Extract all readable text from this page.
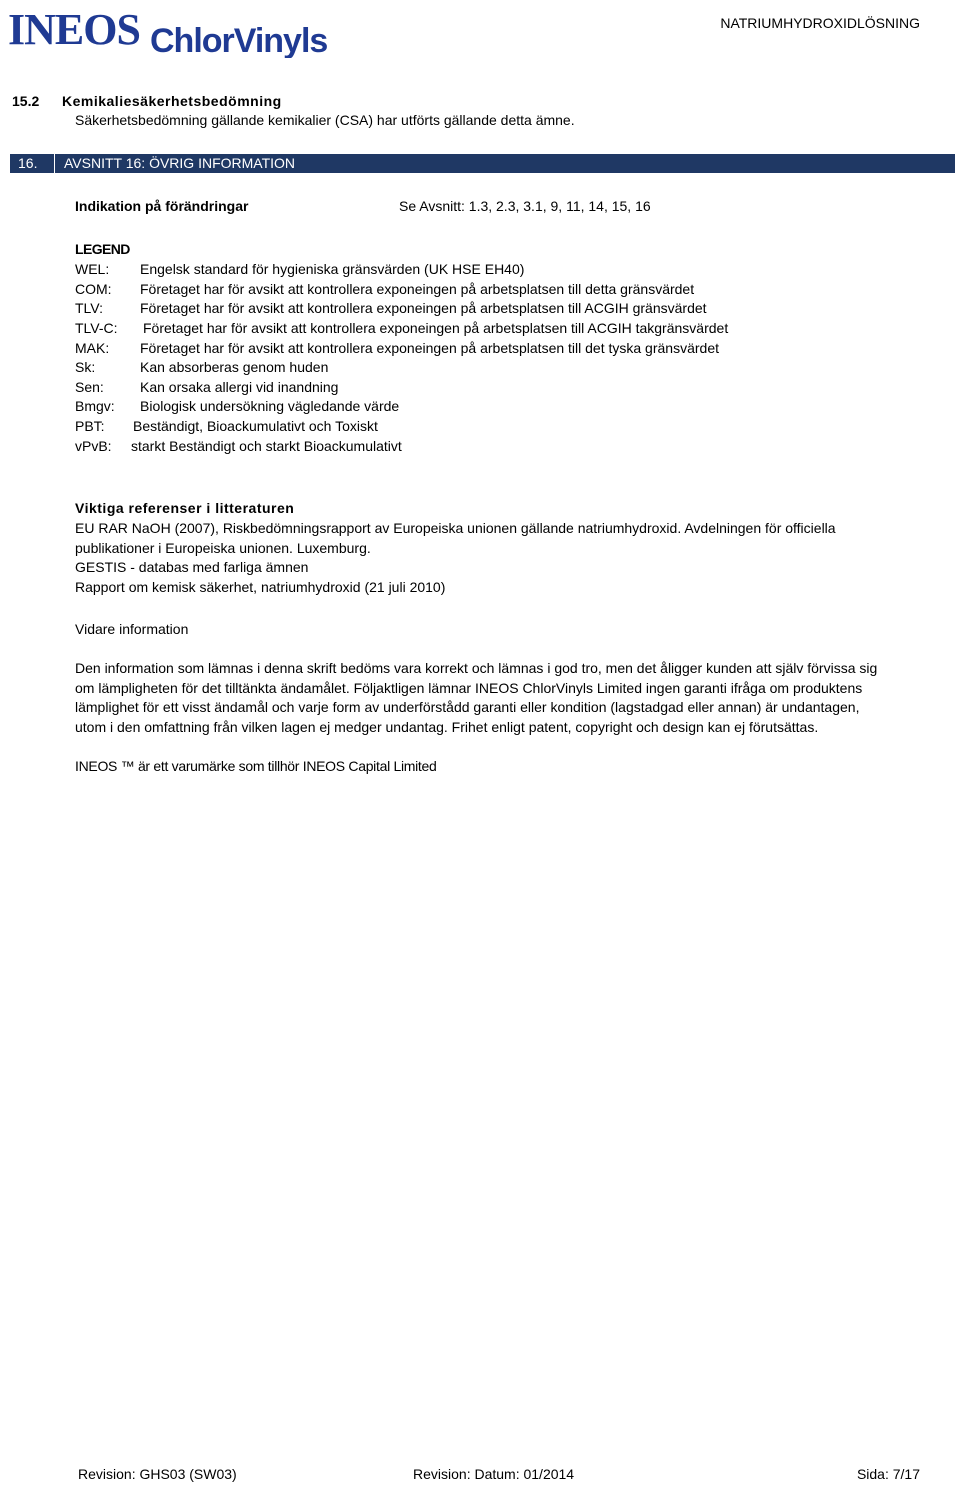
INEOS ChlorVinyls	NATRIUMHYDROXIDLÖSNING
15.2 Kemikaliesäkerhetsbedömning
Säkerhetsbedömning gällande kemikalier (CSA) har utförts gällande detta ämne.
16. AVSNITT 16: ÖVRIG INFORMATION
Indikation på förändringar	Se Avsnitt: 1.3, 2.3, 3.1, 9, 11, 14, 15, 16
LEGEND
WEL: Engelsk standard för hygieniska gränsvärden (UK HSE EH40)
COM: Företaget har för avsikt att kontrollera exponeingen på arbetsplatsen till detta gränsvärdet
TLV:	Företaget har för avsikt att kontrollera exponeingen på arbetsplatsen till ACGIH gränsvärdet
TLV-C: Företaget har för avsikt att kontrollera exponeingen på arbetsplatsen till ACGIH takgränsvärdet
MAK: Företaget har för avsikt att kontrollera exponeingen på arbetsplatsen till det tyska gränsvärdet
Sk:	Kan absorberas genom huden
Sen:	Kan orsaka allergi vid inandning
Bmgv: Biologisk undersökning vägledande värde
PBT: Beständigt, Bioackumulativt och Toxiskt
vPvB: starkt Beständigt och starkt Bioackumulativt
Viktiga referenser i litteraturen
EU RAR NaOH (2007), Riskbedömningsrapport av Europeiska unionen gällande natriumhydroxid. Avdelningen för officiella
publikationer i Europeiska unionen. Luxemburg.
GESTIS - databas med farliga ämnen
Rapport om kemisk säkerhet, natriumhydroxid (21 juli 2010)
Vidare information
Den information som lämnas i denna skrift bedöms vara korrekt och lämnas i god tro, men det åligger kunden att själv förvissa sig
om lämpligheten för det tilltänkta ändamålet. Följaktligen lämnar INEOS ChlorVinyls Limited ingen garanti ifråga om produktens
lämplighet för ett visst ändamål och varje form av underförstådd garanti eller kondition (lagstadgad eller annan) är undantagen,
utom i den omfattning från vilken lagen ej medger undantag. Frihet enligt patent, copyright och design kan ej förutsättas.
INEOS ™ är ett varumärke som tillhör INEOS Capital Limited
Revision: GHS03 (SW03)	Revision: Datum: 01/2014	Sida: 7/17
